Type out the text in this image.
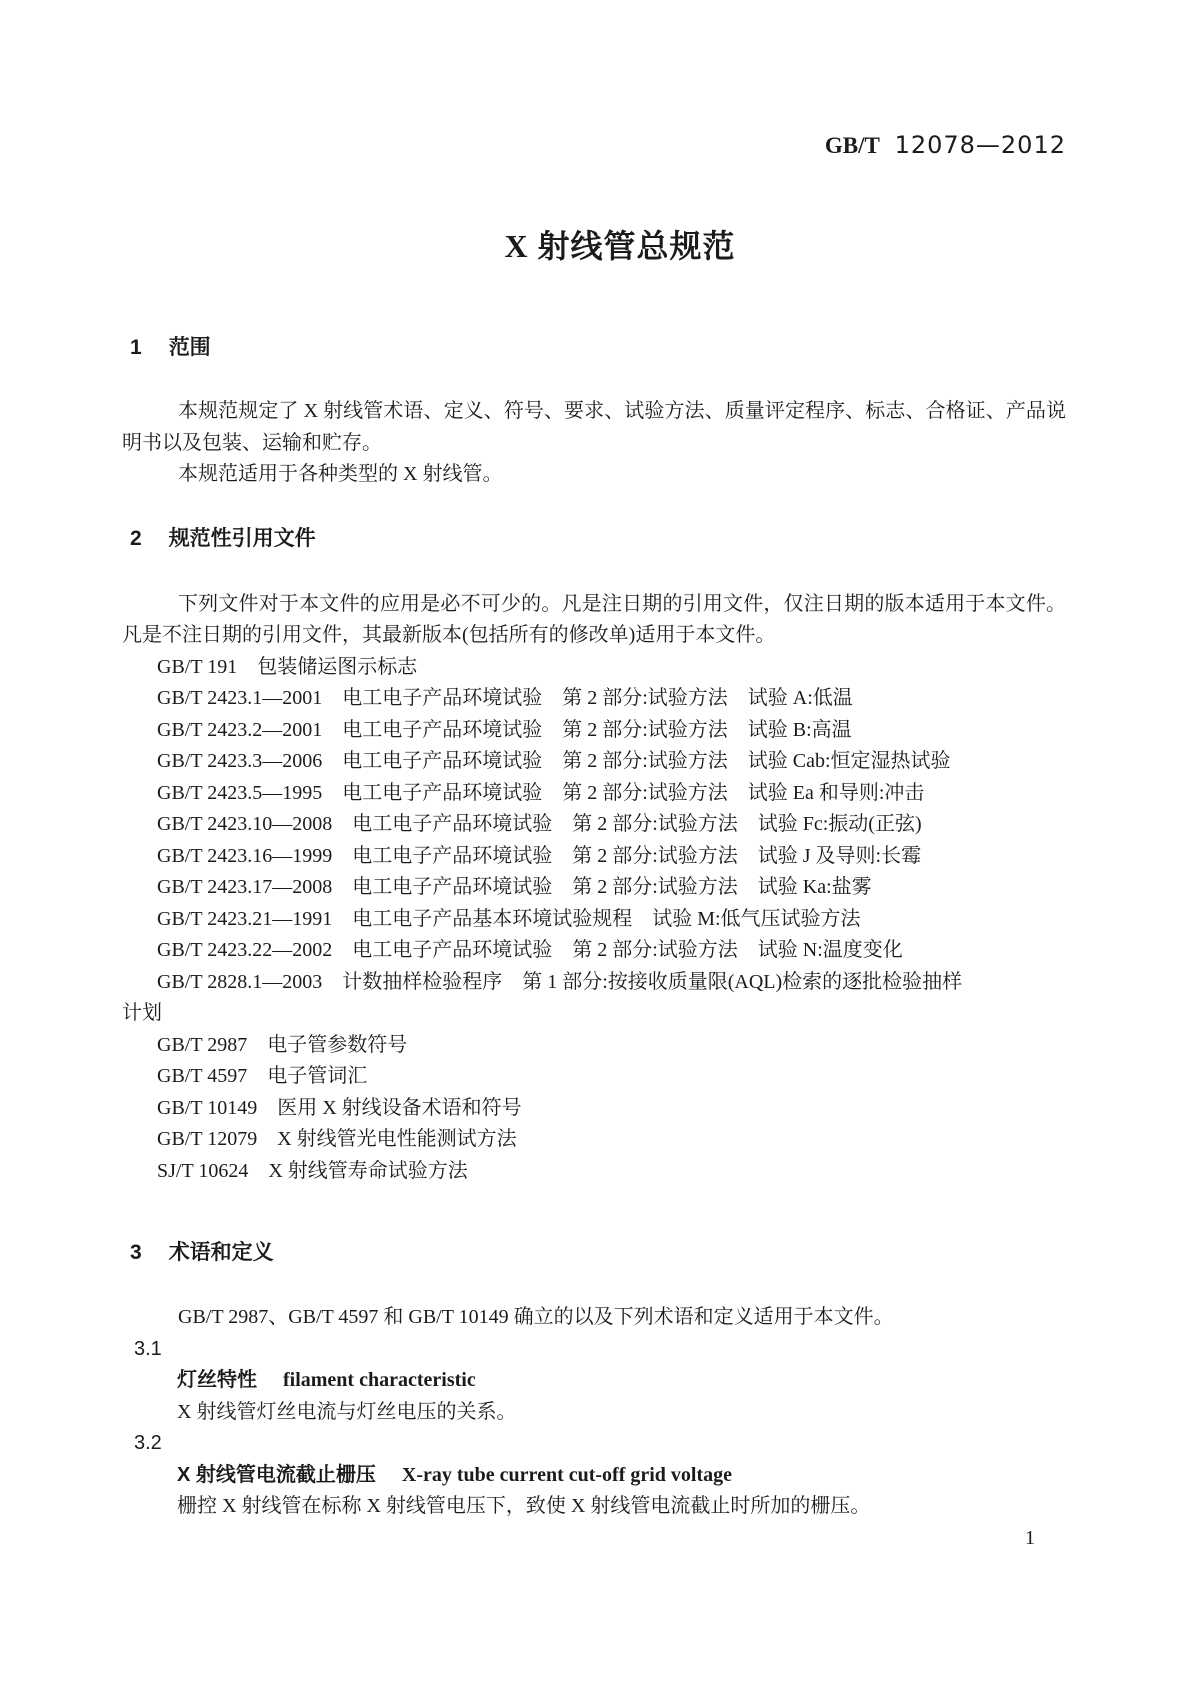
GB/T 12078—2012
X 射线管总规范
1 范围

本规范规定了 X 射线管术语、定义、符号、要求、试验方法、质量评定程序、标志、合格证、产品说明书以及包装、运输和贮存。

本规范适用于各种类型的 X 射线管。

2 规范性引用文件

下列文件对于本文件的应用是必不可少的。凡是注日期的引用文件，仅注日期的版本适用于本文件。凡是不注日期的引用文件，其最新版本(包括所有的修改单)适用于本文件。

GB/T 191　包装储运图示标志

GB/T 2423.1—2001　电工电子产品环境试验　第 2 部分:试验方法　试验 A:低温

GB/T 2423.2—2001　电工电子产品环境试验　第 2 部分:试验方法　试验 B:高温

GB/T 2423.3—2006　电工电子产品环境试验　第 2 部分:试验方法　试验 Cab:恒定湿热试验

GB/T 2423.5—1995　电工电子产品环境试验　第 2 部分:试验方法　试验 Ea 和导则:冲击

GB/T 2423.10—2008　电工电子产品环境试验　第 2 部分:试验方法　试验 Fc:振动(正弦)

GB/T 2423.16—1999　电工电子产品环境试验　第 2 部分:试验方法　试验 J 及导则:长霉

GB/T 2423.17—2008　电工电子产品环境试验　第 2 部分:试验方法　试验 Ka:盐雾

GB/T 2423.21—1991　电工电子产品基本环境试验规程　试验 M:低气压试验方法

GB/T 2423.22—2002　电工电子产品环境试验　第 2 部分:试验方法　试验 N:温度变化

GB/T 2828.1—2003　计数抽样检验程序　第 1 部分:按接收质量限(AQL)检索的逐批检验抽样

计划

GB/T 2987　电子管参数符号

GB/T 4597　电子管词汇

GB/T 10149　医用 X 射线设备术语和符号

GB/T 12079　X 射线管光电性能测试方法

SJ/T 10624　X 射线管寿命试验方法

3 术语和定义

GB/T 2987、GB/T 4597 和 GB/T 10149 确立的以及下列术语和定义适用于本文件。

3.1

灯丝特性 filament characteristic

X 射线管灯丝电流与灯丝电压的关系。

3.2

X 射线管电流截止栅压 X-ray tube current cut-off grid voltage

栅控 X 射线管在标称 X 射线管电压下，致使 X 射线管电流截止时所加的栅压。

1
